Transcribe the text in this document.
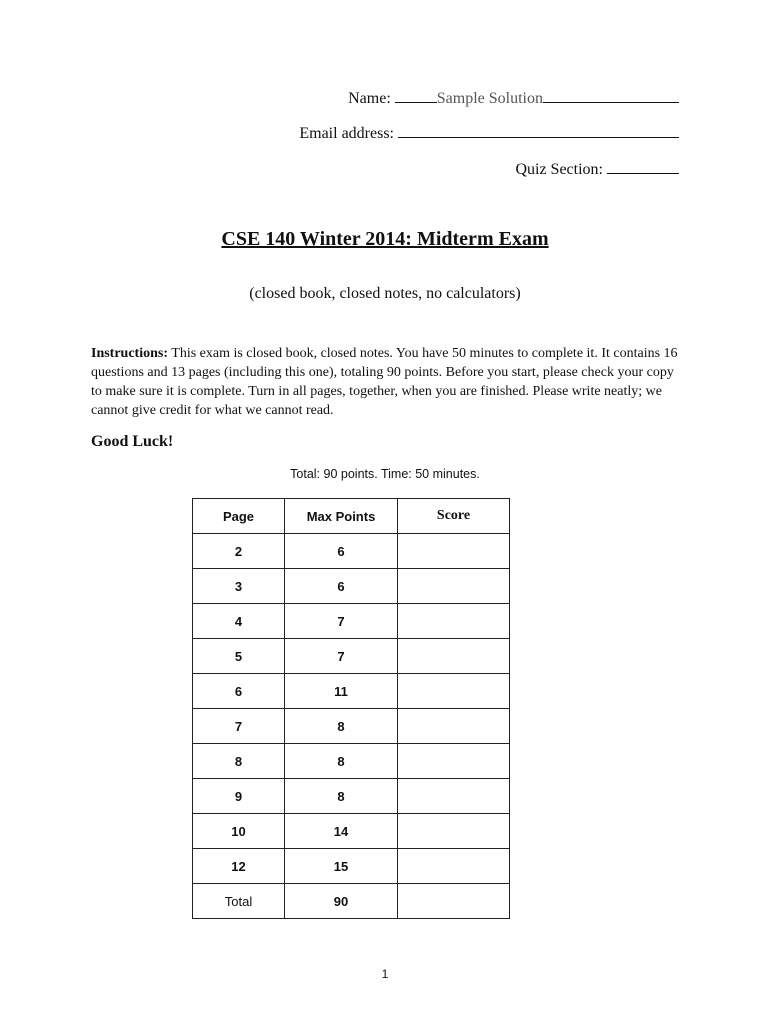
Name:	Sample Solution
Email address:
Quiz Section:
CSE 140 Winter 2014: Midterm Exam
(closed book, closed notes, no calculators)
Instructions: This exam is closed book, closed notes. You have 50 minutes to complete it. It contains 16 questions and 13 pages (including this one), totaling 90 points. Before you start, please check your copy to make sure it is complete. Turn in all pages, together, when you are finished. Please write neatly; we cannot give credit for what we cannot read.
Good Luck!
Total: 90 points. Time: 50 minutes.
Page	Max Points	Score
2	6	
3	6	
4	7	
5	7	
6	11	
7	8	
8	8	
9	8	
10	14	
12	15	
Total	90	
1
